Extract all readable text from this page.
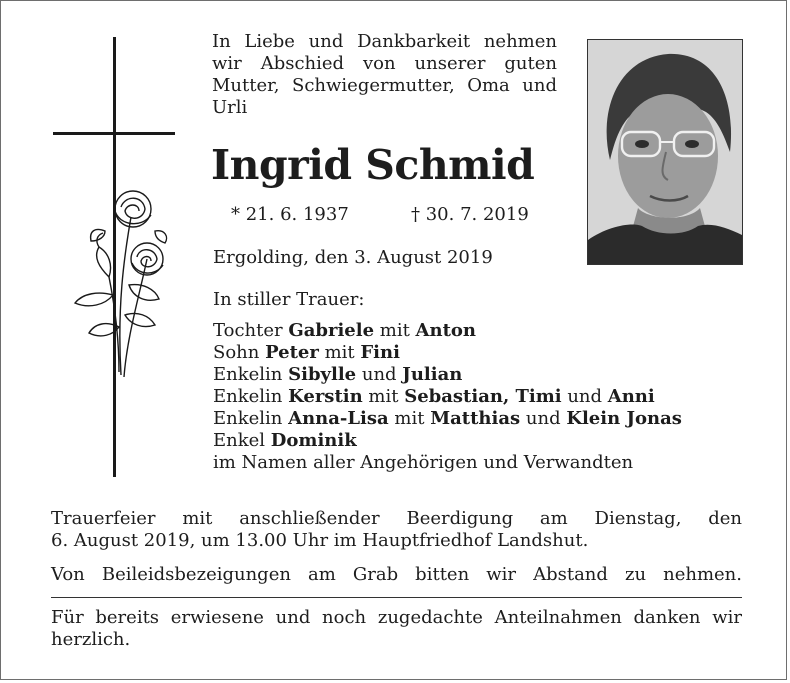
In Liebe und Dankbarkeit nehmen wir Abschied von unserer guten Mutter, Schwiegermutter, Oma und Urli
Ingrid Schmid
* 21. 6. 1937	† 30. 7. 2019
Ergolding, den 3. August 2019
In stiller Trauer:
Tochter Gabriele mit Anton
Sohn Peter mit Fini
Enkelin Sibylle und Julian
Enkelin Kerstin mit Sebastian, Timi und Anni
Enkelin Anna-Lisa mit Matthias und Klein Jonas
Enkel Dominik
im Namen aller Angehörigen und Verwandten
Trauerfeier mit anschließender Beerdigung am Dienstag, den
6. August 2019, um 13.00 Uhr im Hauptfriedhof Landshut.
Von Beileidsbezeigungen am Grab bitten wir Abstand zu nehmen.
Für bereits erwiesene und noch zugedachte Anteilnahmen danken wir herzlich.
